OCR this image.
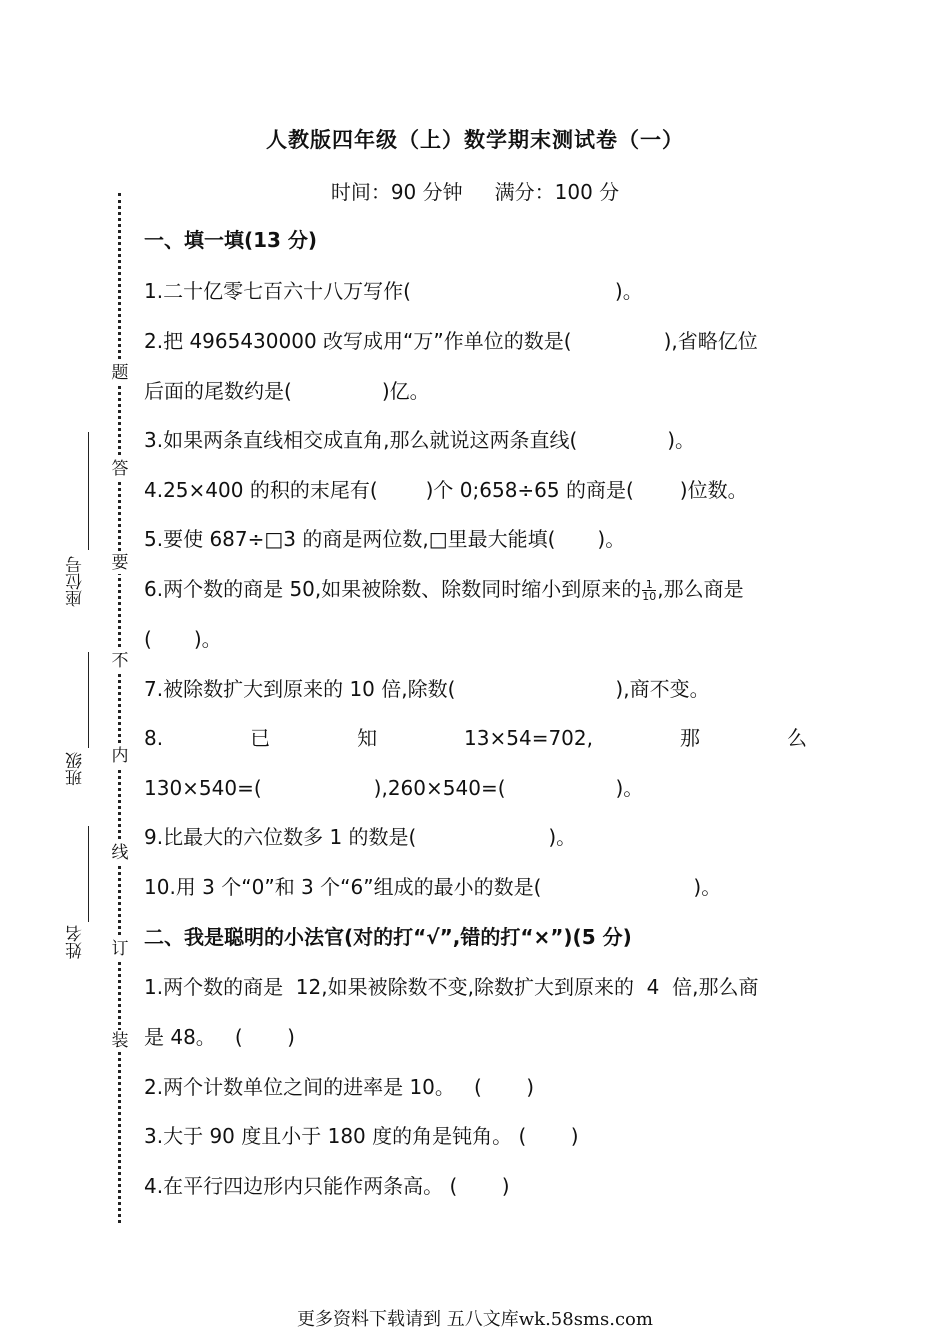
人教版四年级（上）数学期末测试卷（一）
时间：90 分钟 满分：100 分
题
答
要
不
内
线
订
装
座位号
班级
姓名
一、填一填(13 分)
1.二十亿零七百六十八万写作(	)。
2.把 4965430000 改写成用“万”作单位的数是(	),省略亿位
后面的尾数约是(	)亿。
3.如果两条直线相交成直角,那么就说这两条直线(	)。
4.25×400 的积的末尾有( )个 0;658÷65 的商是( )位数。
5.要使 687÷□3 的商是两位数,□里最大能填( )。
6.两个数的商是 50,如果被除数、除数同时缩小到原来的 $\frac{1}{10}$ ,那么商是
( )。
7.被除数扩大到原来的 10 倍,除数(	),商不变。
8.	已	知	13×54=702,	那	么
130×540=(	),260×540=(	)。
9.比最大的六位数多 1 的数是(	)。
10.用 3 个“0”和 3 个“6”组成的最小的数是(	)。
二、我是聪明的小法官(对的打“√”,错的打“×”)(5 分)
1.两个数的商是  12,如果被除数不变,除数扩大到原来的  4  倍,那么商
是 48。   (       )
2.两个计数单位之间的进率是 10。   (       )
3.大于 90 度且小于 180 度的角是钝角。 (       )
4.在平行四边形内只能作两条高。 (       )
更多资料下载请到 五八文库wk.58sms.com
